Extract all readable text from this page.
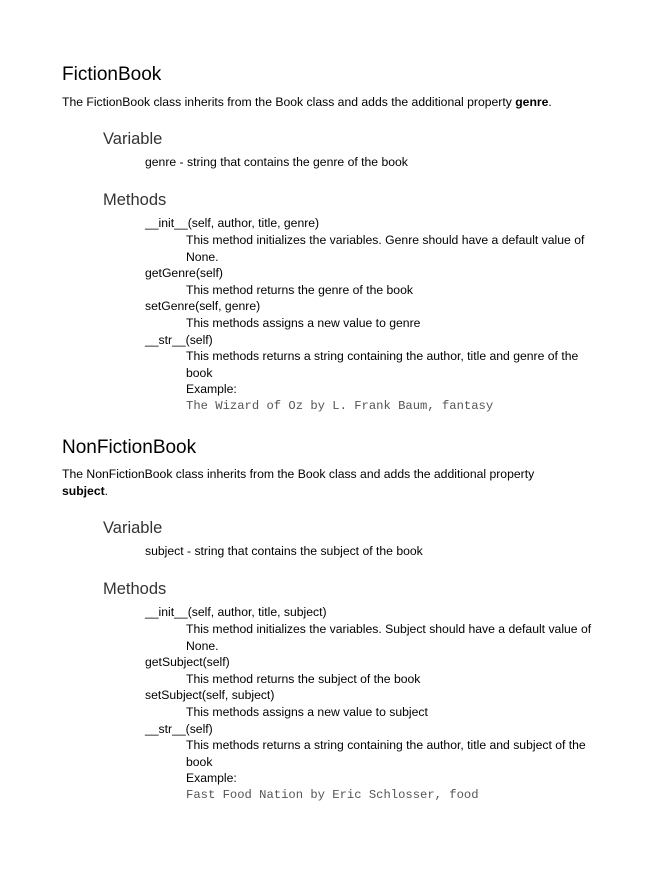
FictionBook

The FictionBook class inherits from the Book class and adds the additional property genre.

Variable

genre - string that contains the genre of the book

Methods

__init__(self, author, title, genre)

This method initializes the variables. Genre should have a default value of None.

getGenre(self)

This method returns the genre of the book

setGenre(self, genre)

This methods assigns a new value to genre

__str__(self)

This methods returns a string containing the author, title and genre of the book

Example:

The Wizard of Oz by L. Frank Baum, fantasy

NonFictionBook

The NonFictionBook class inherits from the Book class and adds the additional property subject.

Variable

subject - string that contains the subject of the book

Methods

__init__(self, author, title, subject)

This method initializes the variables. Subject should have a default value of None.

getSubject(self)

This method returns the subject of the book

setSubject(self, subject)

This methods assigns a new value to subject

__str__(self)

This methods returns a string containing the author, title and subject of the book

Example:

Fast Food Nation by Eric Schlosser, food
